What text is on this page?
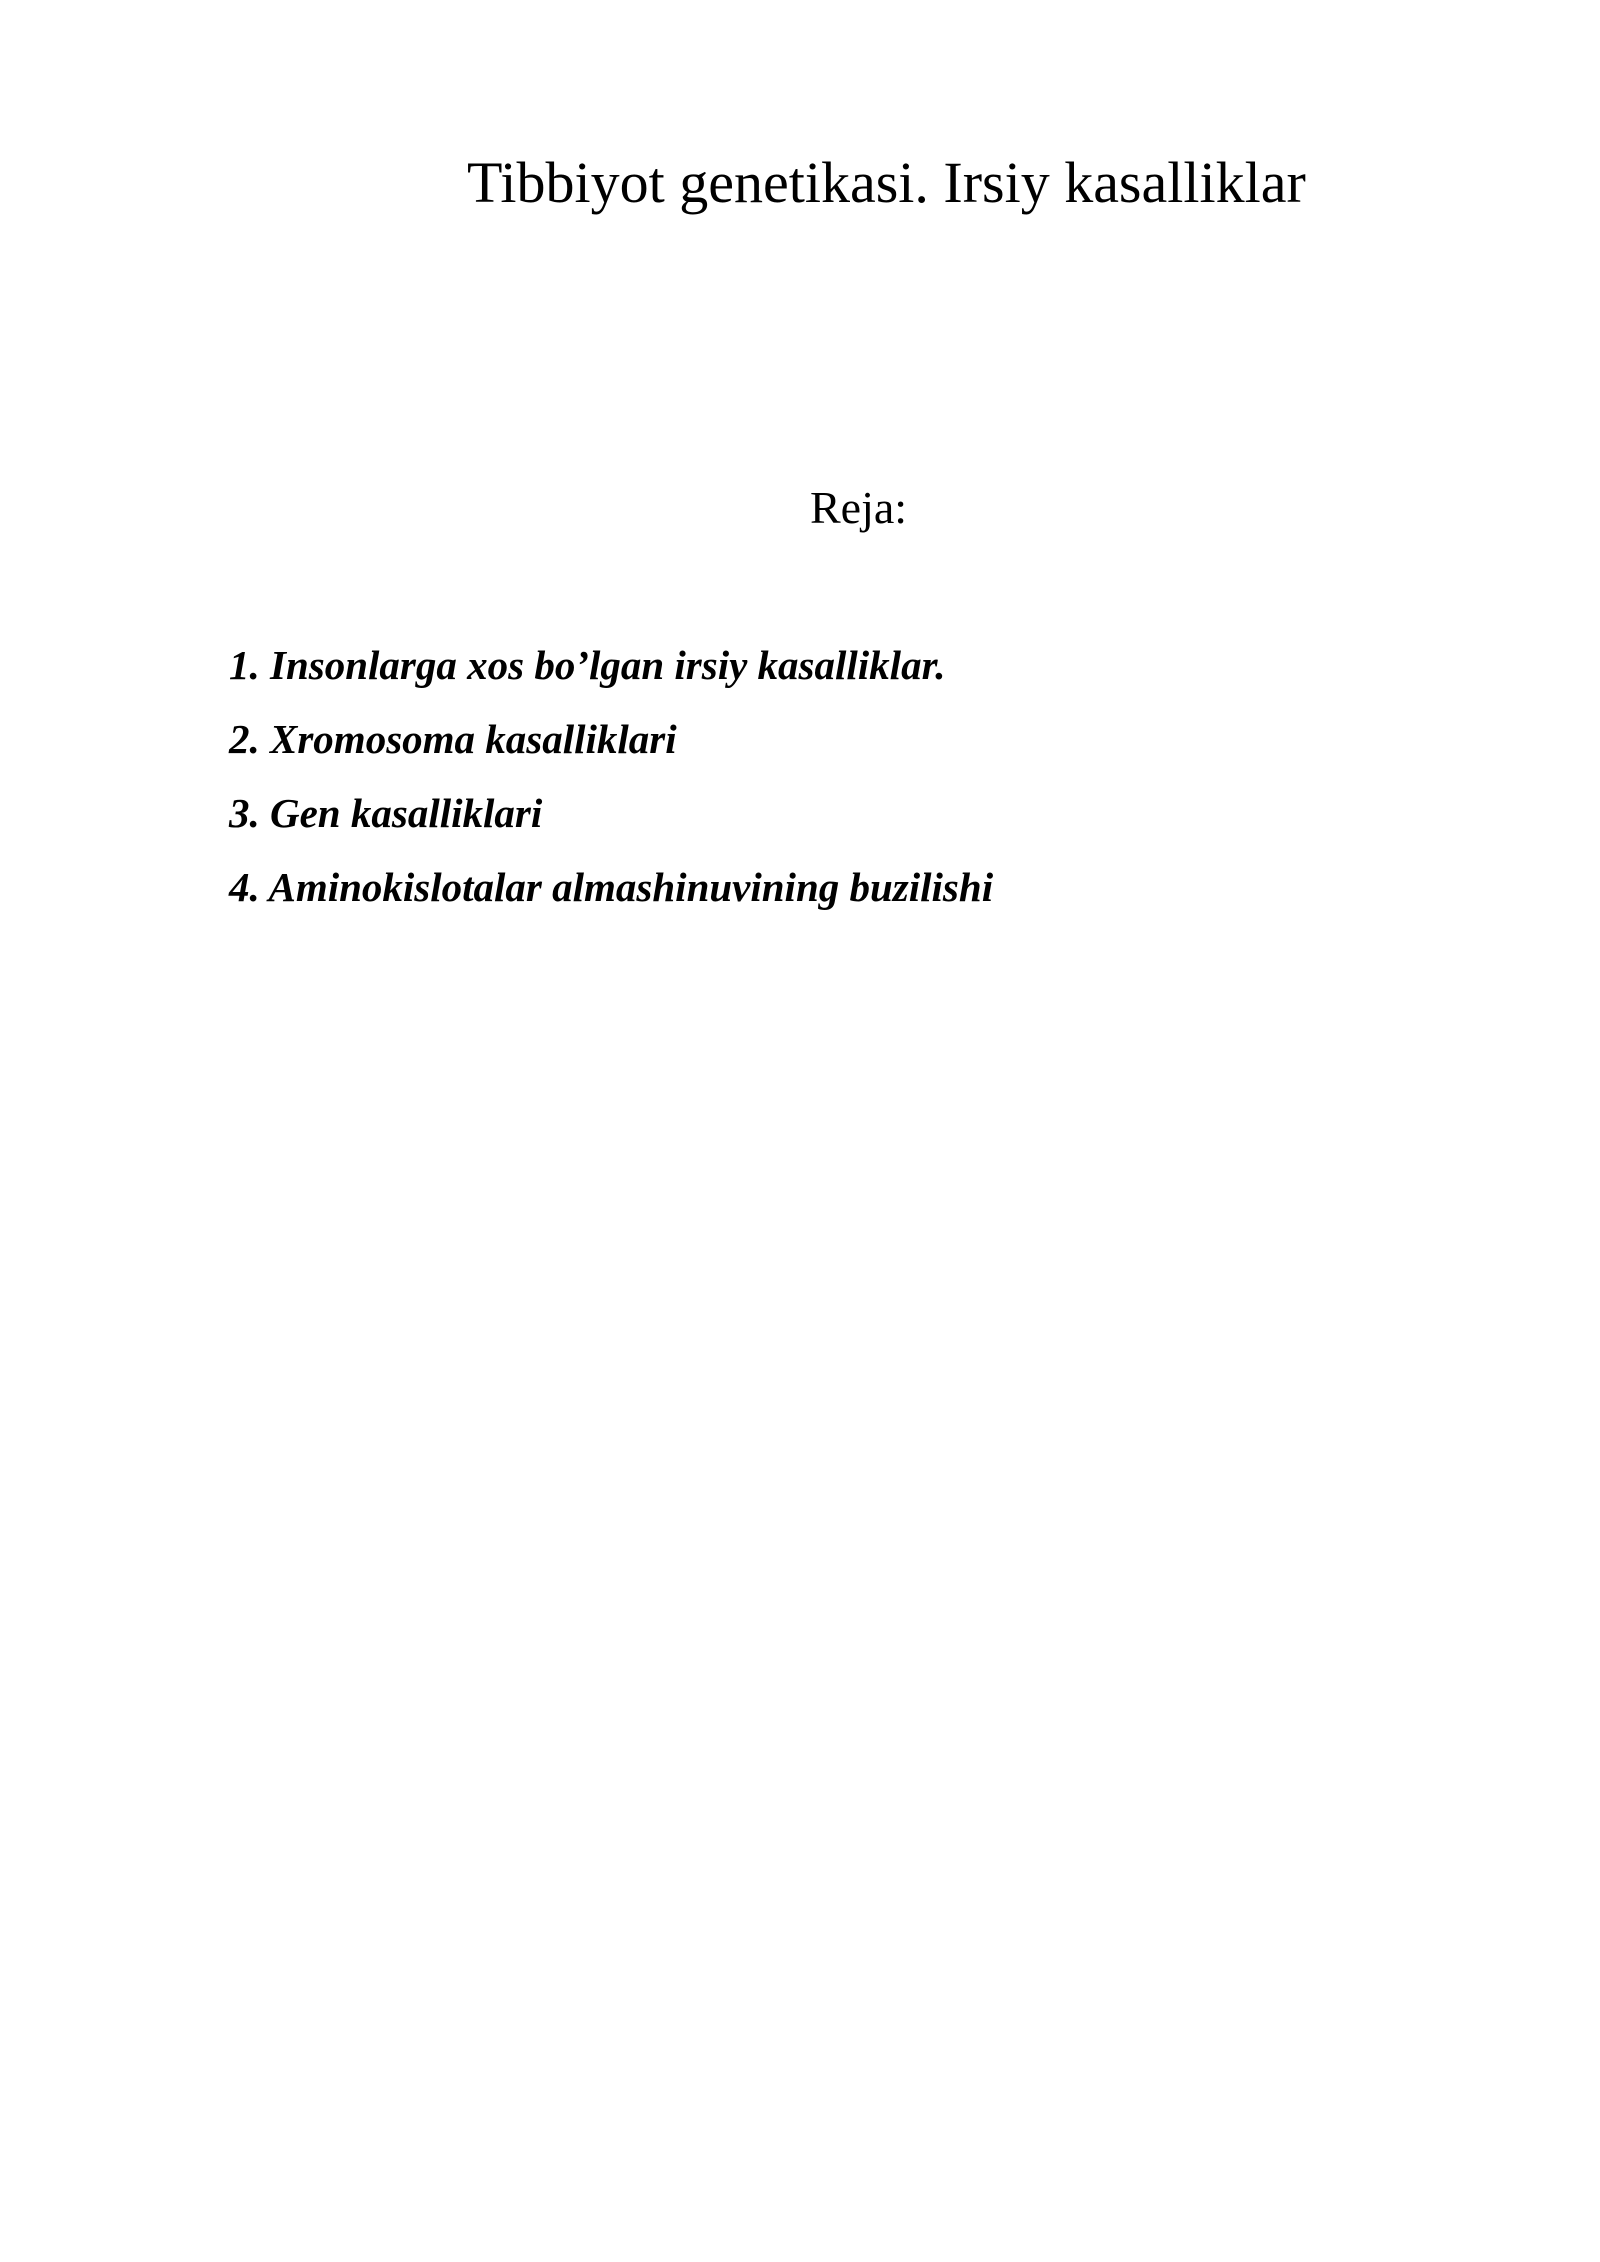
Tibbiyot genetikasi. Irsiy kasalliklar
Reja:
1. Insonlarga xos bo’lgan irsiy kasalliklar.
2. Xromosoma kasalliklari
3. Gen kasalliklari
4. Aminokislotalar almashinuvining buzilishi
